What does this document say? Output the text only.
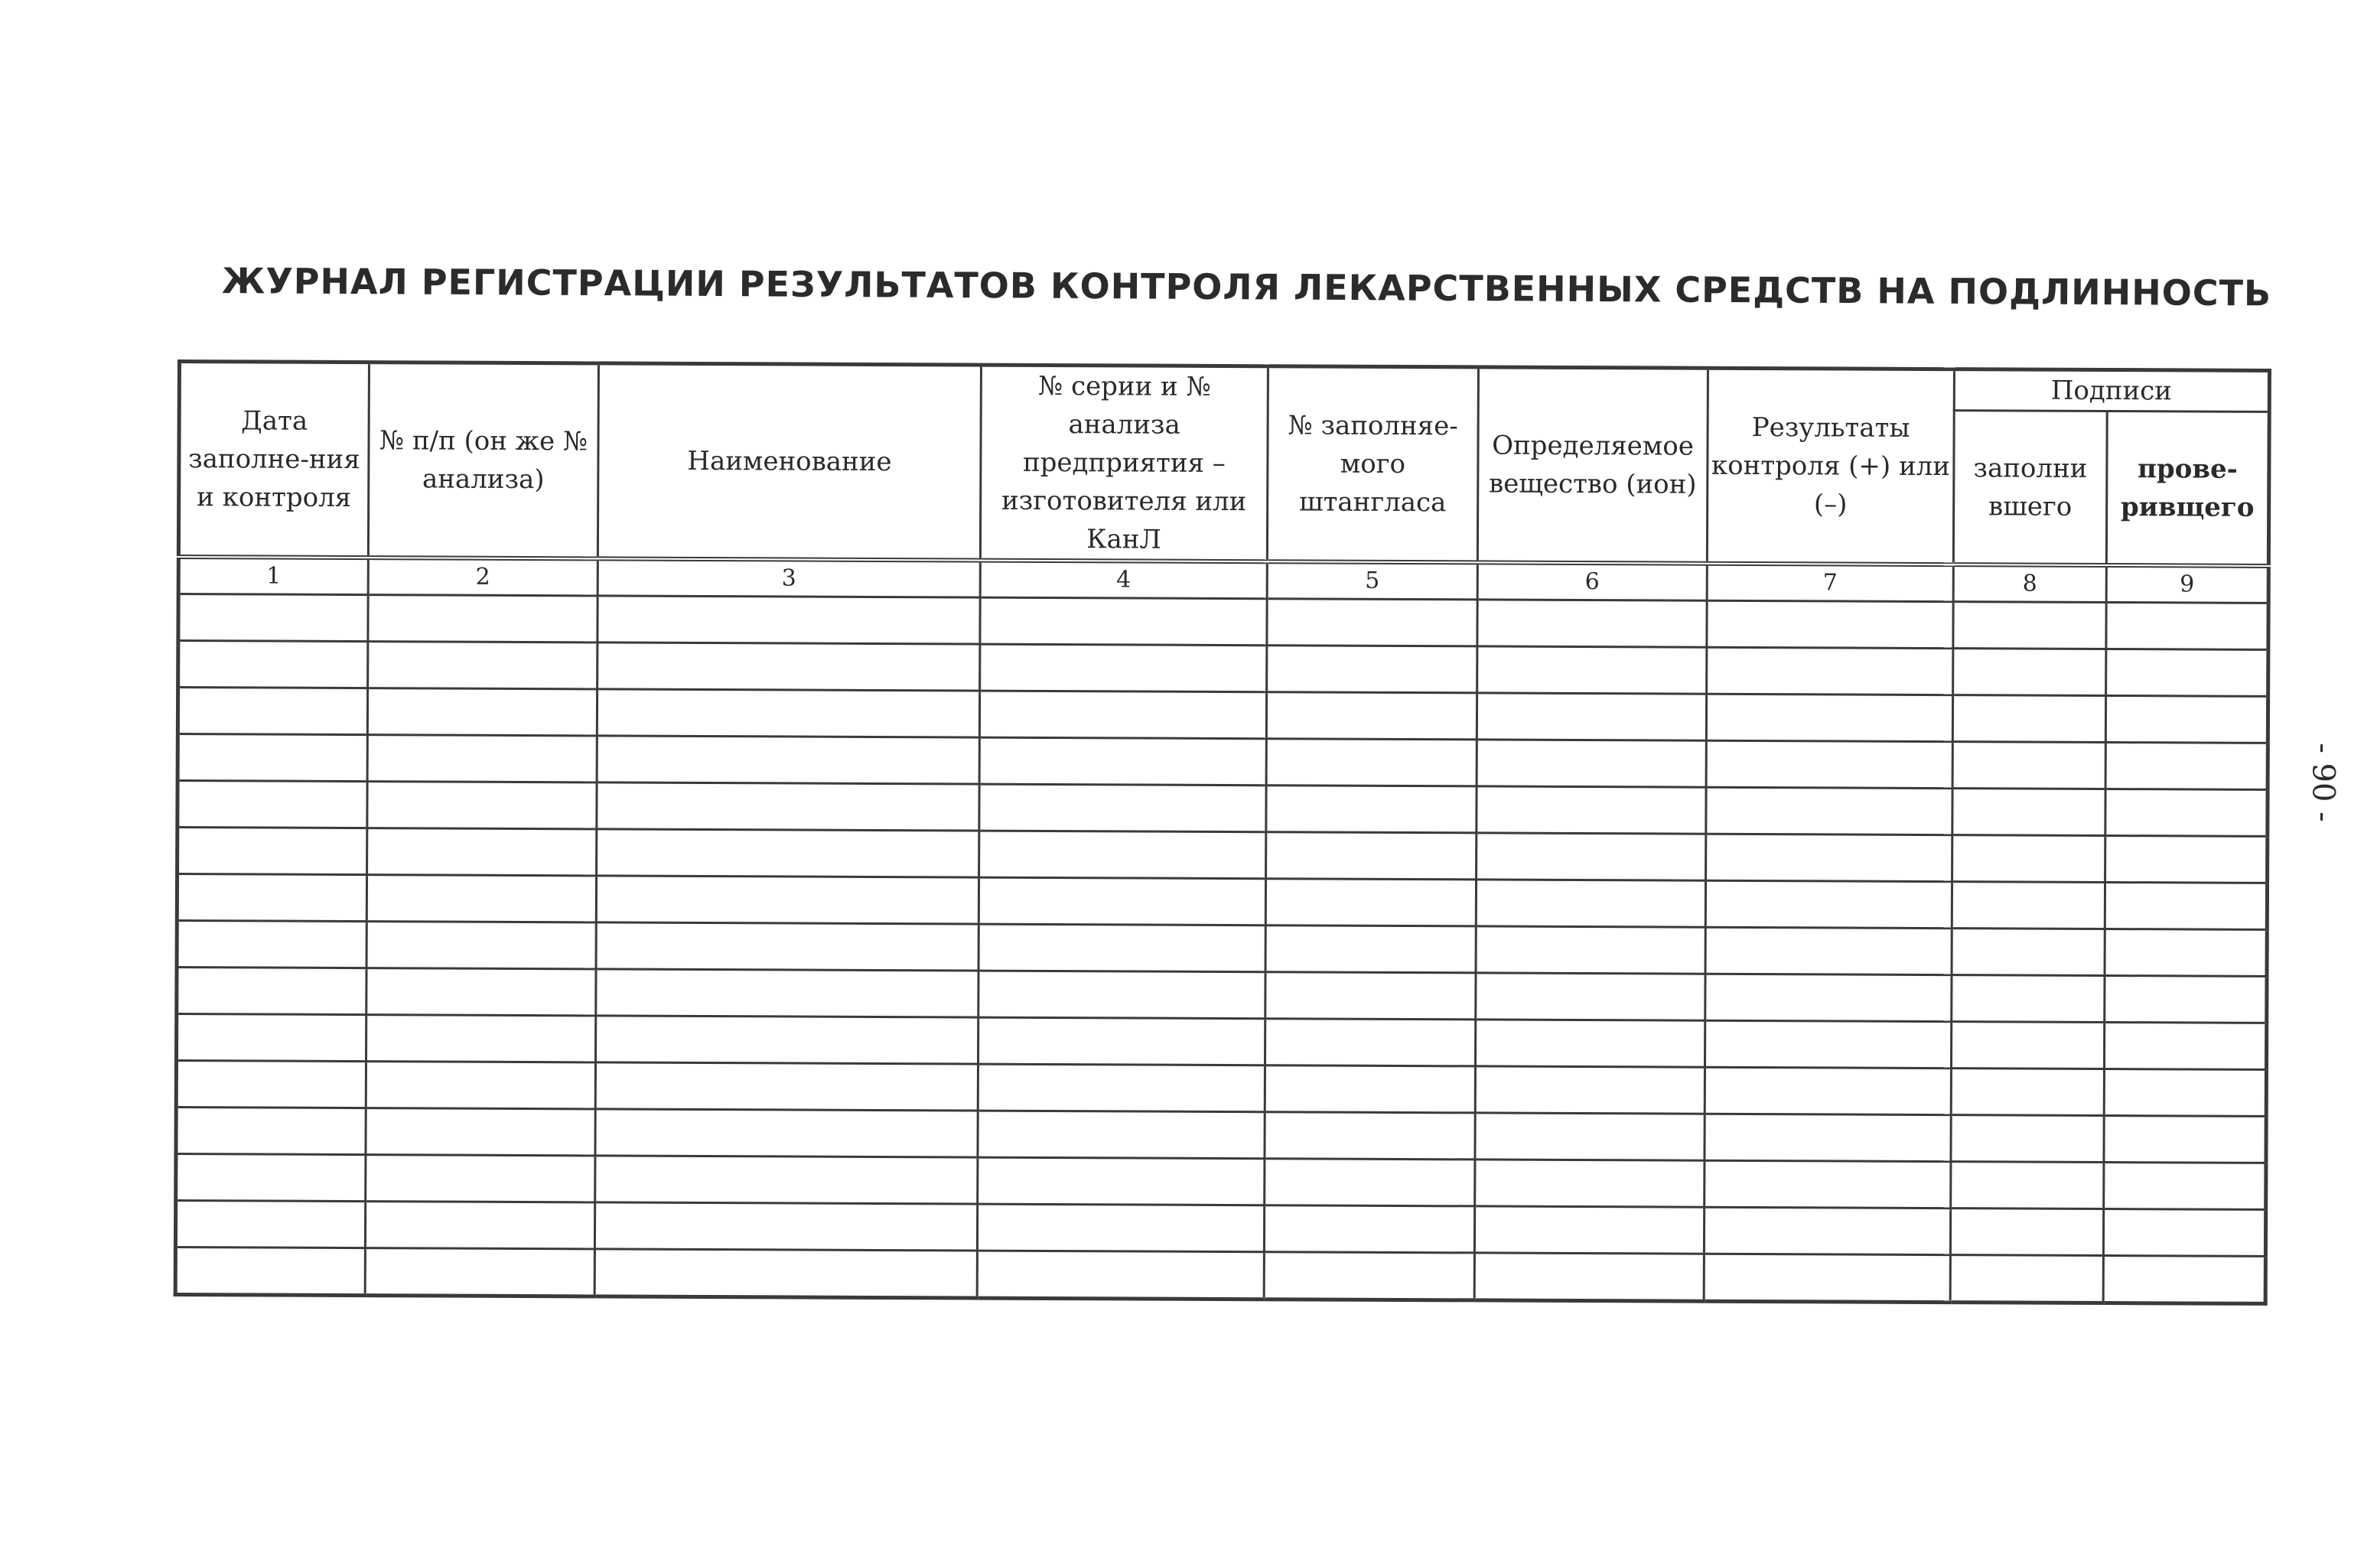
ЖУРНАЛ РЕГИСТРАЦИИ РЕЗУЛЬТАТОВ КОНТРОЛЯ ЛЕКАРСТВЕННЫХ СРЕДСТВ НА ПОДЛИННОСТЬ
- 90 -
Дата заполне-ния и контроля	№ п/п (он же № анализа)	Наименование	№ серии и № анализа предприятия – изготовителя или КанЛ	№ заполняе-мого штангласа	Определяемое вещество (ион)	Результаты контроля (+) или (–)	Подписи	
							заполни вшего	прове-ривщего
1	2	3	4	5	6	7	8	9
